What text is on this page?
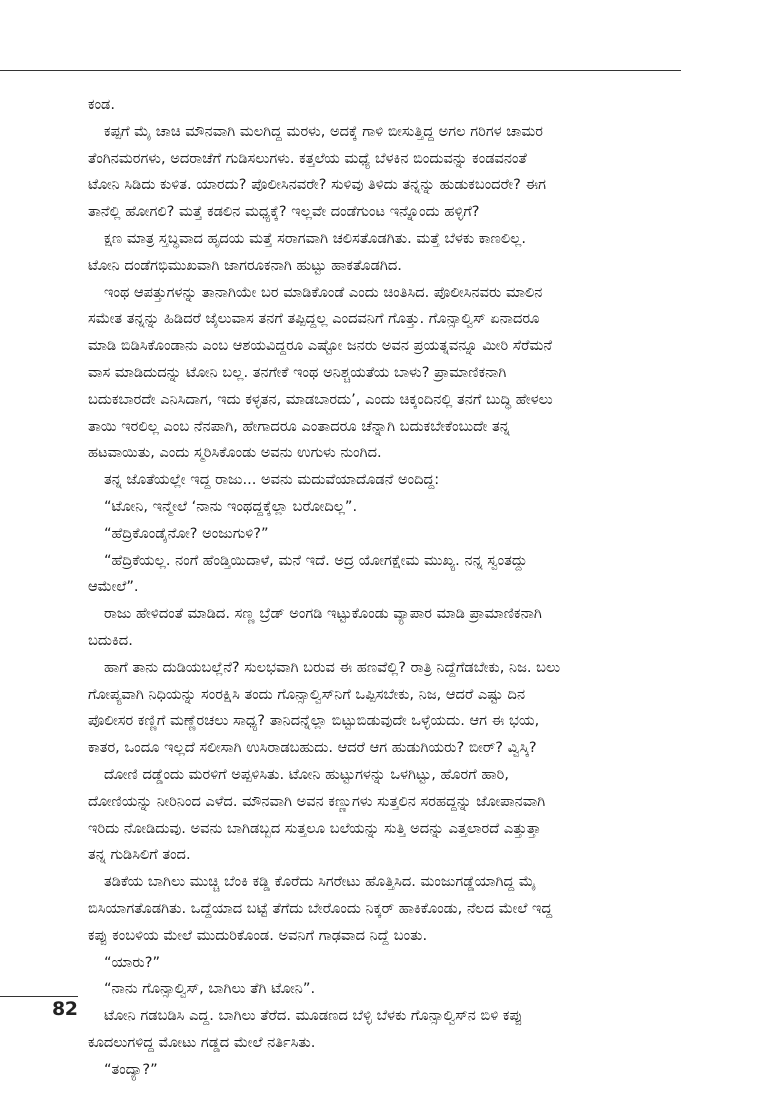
ಕಂಡ.
ಕಪ್ಪಗೆ ಮೈ ಚಾಚಿ ಮೌನವಾಗಿ ಮಲಗಿದ್ದ ಮರಳು, ಅದಕ್ಕೆ ಗಾಳಿ ಬೀಸುತ್ತಿದ್ದ ಅಗಲ ಗರಿಗಳ ಚಾಮರ
ತೆಂಗಿನಮರಗಳು, ಅದರಾಚೆಗೆ ಗುಡಿಸಲುಗಳು. ಕತ್ತಲೆಯ ಮಧ್ಯೆ ಬೆಳಕಿನ ಬಿಂದುವನ್ನು ಕಂಡವನಂತೆ
ಟೋನಿ ಸಿಡಿದು ಕುಳಿತ. ಯಾರದು? ಪೊಲೀಸಿನವರೇ? ಸುಳಿವು ತಿಳಿದು ತನ್ನನ್ನು ಹುಡುಕಬಂದರೇ? ಈಗ
ತಾನೆಲ್ಲಿ ಹೋಗಲಿ? ಮತ್ತೆ ಕಡಲಿನ ಮಧ್ಯಕ್ಕೆ? ಇಲ್ಲವೇ ದಂಡೆಗುಂಟ ಇನ್ನೊಂದು ಹಳ್ಳಿಗೆ?
ಕ್ಷಣ ಮಾತ್ರ ಸ್ತಬ್ಧವಾದ ಹೃದಯ ಮತ್ತೆ ಸರಾಗವಾಗಿ ಚಲಿಸತೊಡಗಿತು. ಮತ್ತೆ ಬೆಳಕು ಕಾಣಲಿಲ್ಲ.
ಟೋನಿ ದಂಡೆಗಭಿಮುಖವಾಗಿ ಜಾಗರೂಕನಾಗಿ ಹುಟ್ಟು ಹಾಕತೊಡಗಿದ.
ಇಂಥ ಆಪತ್ತುಗಳನ್ನು ತಾನಾಗಿಯೇ ಬರ ಮಾಡಿಕೊಂಡೆ ಎಂದು ಚಿಂತಿಸಿದ. ಪೊಲೀಸಿನವರು ಮಾಲಿನ
ಸಮೇತ ತನ್ನನ್ನು ಹಿಡಿದರೆ ಜೈಲುವಾಸ ತನಗೆ ತಪ್ಪಿದ್ದಲ್ಲ ಎಂದವನಿಗೆ ಗೊತ್ತು. ಗೊನ್ಸಾಲ್ವಿಸ್ ಏನಾದರೂ
ಮಾಡಿ ಬಿಡಿಸಿಕೊಂಡಾನು ಎಂಬ ಆಶಯವಿದ್ದರೂ ಎಷ್ಟೋ ಜನರು ಅವನ ಪ್ರಯತ್ನವನ್ನೂ ಮೀರಿ ಸೆರೆಮನೆ
ವಾಸ ಮಾಡಿದುದನ್ನು ಟೋನಿ ಬಲ್ಲ. ತನಗೇಕೆ ಇಂಥ ಅನಿಶ್ಚಯತೆಯ ಬಾಳು? ಪ್ರಾಮಾಣಿಕನಾಗಿ
ಬದುಕಬಾರದೇ ಎನಿಸಿದಾಗ, ಇದು ಕಳ್ಳತನ, ಮಾಡಬಾರದು’, ಎಂದು ಚಿಕ್ಕಂದಿನಲ್ಲಿ ತನಗೆ ಬುದ್ಧಿ ಹೇಳಲು
ತಾಯಿ ಇರಲಿಲ್ಲ ಎಂಬ ನೆನಪಾಗಿ, ಹೇಗಾದರೂ ಎಂತಾದರೂ ಚೆನ್ನಾಗಿ ಬದುಕಬೇಕೆಂಬುದೇ ತನ್ನ
ಹಟವಾಯಿತು, ಎಂದು ಸ್ಮರಿಸಿಕೊಂಡು ಅವನು ಉಗುಳು ನುಂಗಿದ.
ತನ್ನ ಜೊತೆಯಲ್ಲೇ ಇದ್ದ ರಾಜು... ಅವನು ಮದುವೆಯಾದೊಡನೆ ಅಂದಿದ್ದ:
“ಟೋನಿ, ಇನ್ಮೇಲೆ ‘ನಾನು ಇಂಥದ್ದಕ್ಕೆಲ್ಲಾ ಬರೋದಿಲ್ಲ”.
“ಹೆದ್ರಿಕೊಂಡೈನೋ? ಅಂಜುಗುಳಿ?”
“ಹೆದ್ರಿಕೆಯಲ್ಲ. ನಂಗೆ ಹೆಂಡ್ತಿಯಿದಾಳೆ, ಮನೆ ಇದೆ. ಅದ್ರ ಯೋಗಕ್ಷೇಮ ಮುಖ್ಯ. ನನ್ನ ಸ್ವಂತದ್ದು
ಆಮೇಲೆ”.
ರಾಜು ಹೇಳಿದಂತೆ ಮಾಡಿದ. ಸಣ್ಣ ಬ್ರೆಡ್ ಅಂಗಡಿ ಇಟ್ಟುಕೊಂಡು ವ್ಯಾಪಾರ ಮಾಡಿ ಪ್ರಾಮಾಣಿಕನಾಗಿ
ಬದುಕಿದ.
ಹಾಗೆ ತಾನು ದುಡಿಯಬಲ್ಲೆನೆ? ಸುಲಭವಾಗಿ ಬರುವ ಈ ಹಣವೆಲ್ಲಿ? ರಾತ್ರಿ ನಿದ್ದೆಗೆಡಬೇಕು, ನಿಜ. ಬಲು
ಗೋಪ್ಯವಾಗಿ ನಿಧಿಯನ್ನು ಸಂರಕ್ಷಿಸಿ ತಂದು ಗೊನ್ಸಾಲ್ವಿಸ್‌ನಿಗೆ ಒಪ್ಪಿಸಬೇಕು, ನಿಜ, ಆದರೆ ಎಷ್ಟು ದಿನ
ಪೊಲೀಸರ ಕಣ್ಣಿಗೆ ಮಣ್ಣೆರಚಲು ಸಾಧ್ಯ? ತಾನಿದನ್ನೆಲ್ಲಾ ಬಿಟ್ಟುಬಿಡುವುದೇ ಒಳ್ಳೆಯದು. ಆಗ ಈ ಭಯ,
ಕಾತರ, ಒಂದೂ ಇಲ್ಲದೆ ಸಲೀಸಾಗಿ ಉಸಿರಾಡಬಹುದು. ಆದರೆ ಆಗ ಹುಡುಗಿಯರು? ಬೀರ್? ವ್ವಿಸ್ಕಿ?
ದೋಣಿ ದಡ್ಡೆಂದು ಮರಳಿಗೆ ಅಪ್ಪಳಿಸಿತು. ಟೋನಿ ಹುಟ್ಟುಗಳನ್ನು ಒಳಗಿಟ್ಟು, ಹೊರಗೆ ಹಾರಿ,
ದೋಣಿಯನ್ನು ನೀರಿನಿಂದ ಎಳೆದ. ಮೌನವಾಗಿ ಅವನ ಕಣ್ಣುಗಳು ಸುತ್ತಲಿನ ಸರಹದ್ದನ್ನು ಜೋಪಾನವಾಗಿ
ಇರಿದು ನೋಡಿದುವು. ಅವನು ಬಾಗಿಡಬ್ಬದ ಸುತ್ತಲೂ ಬಲೆಯನ್ನು ಸುತ್ತಿ ಅದನ್ನು ಎತ್ತಲಾರದೆ ಎತ್ತುತ್ತಾ
ತನ್ನ ಗುಡಿಸಿಲಿಗೆ ತಂದ.
ತಡಿಕೆಯ ಬಾಗಿಲು ಮುಚ್ಚಿ ಬೆಂಕಿ ಕಡ್ಡಿ ಕೊರೆದು ಸಿಗರೇಟು ಹೊತ್ತಿಸಿದ. ಮಂಜುಗಡ್ಡೆಯಾಗಿದ್ದ ಮೈ
ಬಿಸಿಯಾಗತೊಡಗಿತು. ಒದ್ದೆಯಾದ ಬಟ್ಟೆ ತೆಗೆದು ಬೇರೊಂದು ನಿಕ್ಕರ್ ಹಾಕಿಕೊಂಡು, ನೆಲದ ಮೇಲೆ ಇದ್ದ
ಕಪ್ಪು ಕಂಬಳಿಯ ಮೇಲೆ ಮುದುರಿಕೊಂಡ. ಅವನಿಗೆ ಗಾಢವಾದ ನಿದ್ದೆ ಬಂತು.
“ಯಾರು?”
“ನಾನು ಗೊನ್ಸಾಲ್ವಿಸ್, ಬಾಗಿಲು ತೆಗಿ ಟೋನಿ”.
ಟೋನಿ ಗಡಬಡಿಸಿ ಎದ್ದ. ಬಾಗಿಲು ತೆರೆದ. ಮೂಡಣದ ಬೆಳ್ಳಿ ಬೆಳಕು ಗೊನ್ಸಾಲ್ವಿಸ್‌ನ ಬಿಳಿ ಕಪ್ಪು
ಕೂದಲುಗಳಿದ್ದ ಮೋಟು ಗಡ್ಡದ ಮೇಲೆ ನರ್ತಿಸಿತು.
“ತಂದ್ಯಾ?”
82
